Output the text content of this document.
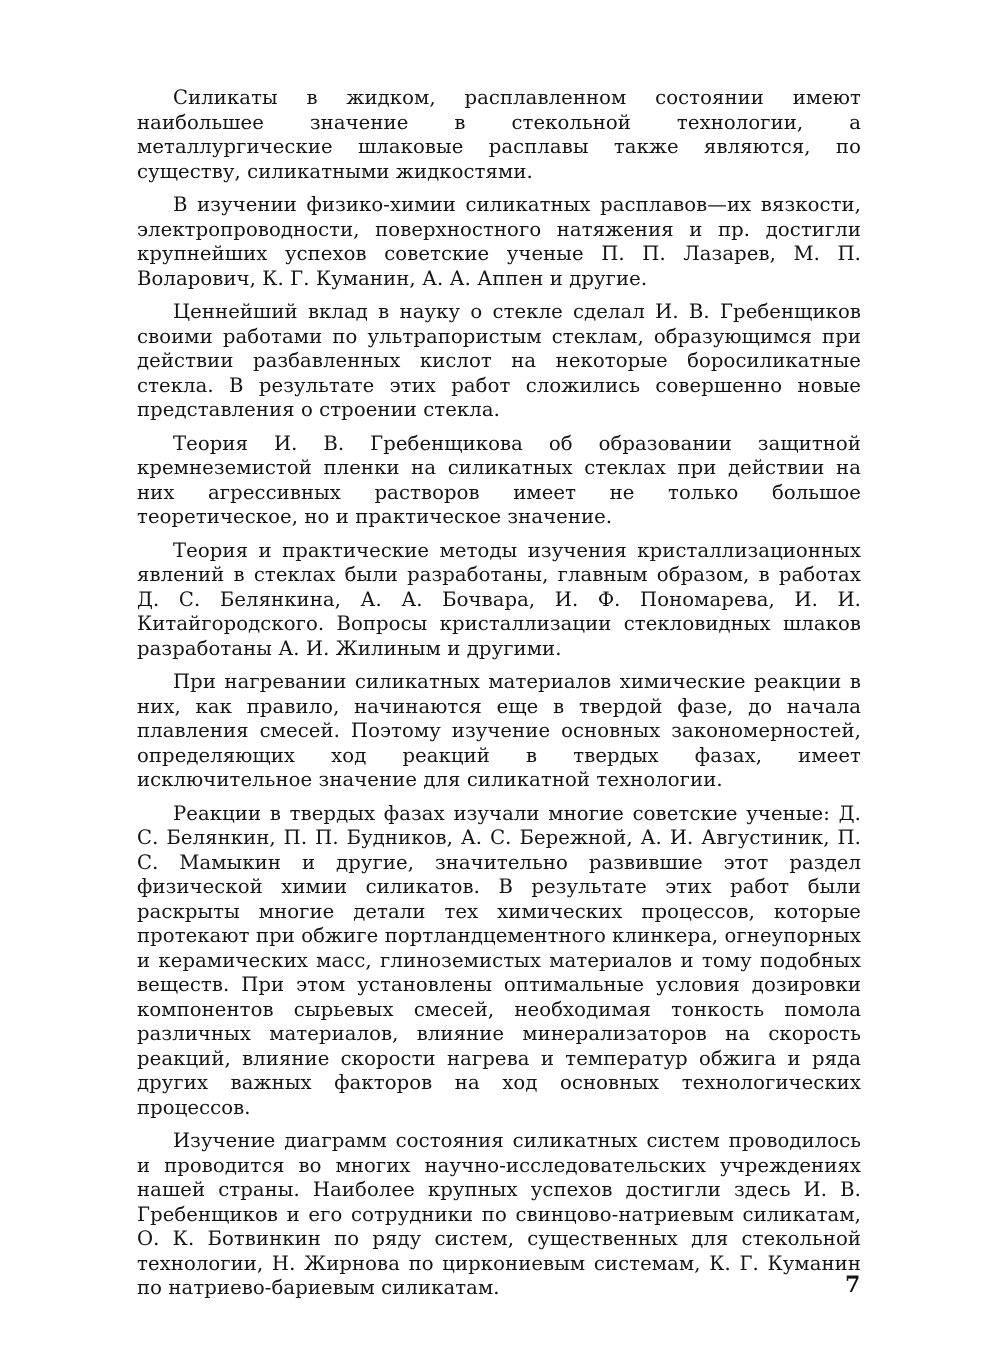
Силикаты в жидком, расплавленном состоянии имеют наибольшее значение в стекольной технологии, а металлургические шлаковые расплавы также являются, по существу, силикатными жидкостями.

В изучении физико-химии силикатных расплавов—их вязкости, электропроводности, поверхностного натяжения и пр. достигли крупнейших успехов советские ученые П. П. Лазарев, М. П. Воларович, К. Г. Куманин, А. А. Аппен и другие.

Ценнейший вклад в науку о стекле сделал И. В. Гребенщиков своими работами по ультрапористым стеклам, образующимся при действии разбавленных кислот на некоторые боросиликатные стекла. В результате этих работ сложились совершенно новые представления о строении стекла.

Теория И. В. Гребенщикова об образовании защитной кремнеземистой пленки на силикатных стеклах при действии на них агрессивных растворов имеет не только большое теоретическое, но и практическое значение.

Теория и практические методы изучения кристаллизационных явлений в стеклах были разработаны, главным образом, в работах Д. С. Белянкина, А. А. Бочвара, И. Ф. Пономарева, И. И. Китайгородского. Вопросы кристаллизации стекловидных шлаков разработаны А. И. Жилиным и другими.

При нагревании силикатных материалов химические реакции в них, как правило, начинаются еще в твердой фазе, до начала плавления смесей. Поэтому изучение основных закономерностей, определяющих ход реакций в твердых фазах, имеет исключительное значение для силикатной технологии.

Реакции в твердых фазах изучали многие советские ученые: Д. С. Белянкин, П. П. Будников, А. С. Бережной, А. И. Августиник, П. С. Мамыкин и другие, значительно развившие этот раздел физической химии силикатов. В результате этих работ были раскрыты многие детали тех химических процессов, которые протекают при обжиге портландцементного клинкера, огнеупорных и керамических масс, глиноземистых материалов и тому подобных веществ. При этом установлены оптимальные условия дозировки компонентов сырьевых смесей, необходимая тонкость помола различных материалов, влияние минерализаторов на скорость реакций, влияние скорости нагрева и температур обжига и ряда других важных факторов на ход основных технологических процессов.

Изучение диаграмм состояния силикатных систем проводилось и проводится во многих научно-исследовательских учреждениях нашей страны. Наиболее крупных успехов достигли здесь И. В. Гребенщиков и его сотрудники по свинцово-натриевым силикатам, О. К. Ботвинкин по ряду систем, существенных для стекольной технологии, Н. Жирнова по циркониевым системам, К. Г. Куманин по натриево-бариевым силикатам.	7
